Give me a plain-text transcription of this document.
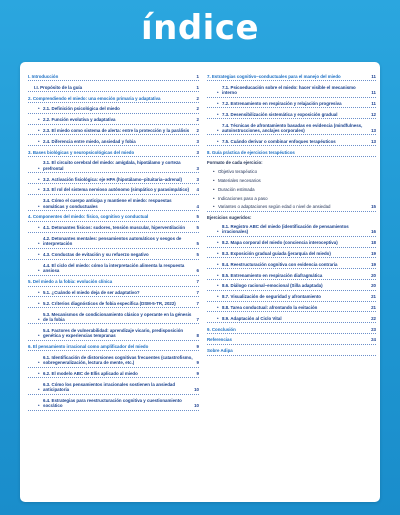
índice
I. Introducción	1
I.I. Propósito de la guía	1
2. Comprendiendo el miedo: una emoción primaria y adaptativa	2
• 2.1. Definición psicológica del miedo	2
• 2.2. Función evolutiva y adaptativa	2
• 2.3. El miedo como sistema de alerta: entre la protección y la parálisis	2
• 2.4. Diferencia entre miedo, ansiedad y fobia	3
3. Bases biológicas y neuropsicológicas del miedo	3
•
3.1. El circuito cerebral del miedo: amígdala, hipotálamo y corteza prefrontal	3
• 3.2. Activación fisiológica: eje HPA (hipotálamo–pituitaria–adrenal)	3
• 3.3. El rol del sistema nervioso autónomo (simpático y parasimpático)	4
•
3.4. Cómo el cuerpo anticipa y mantiene el miedo: respuestas somáticas y conductuales	4
4. Componentes del miedo: físico, cognitivo y conductual	5
• 4.1. Detonantes físicos: sudores, tensión muscular, hiperventilación	5
•
4.2. Detonantes mentales: pensamientos automáticos y sesgos de interpretación	5
• 4.3. Conductas de evitación y su refuerzo negativo	5
•
4.4. El ciclo del miedo: cómo la interpretación alimenta la respuesta ansiosa	6
5. Del miedo a la fobia: evolución clínica	7
• 5.1. ¿Cuándo el miedo deja de ser adaptativo?	7
• 5.2. Criterios diagnósticos de fobia específica (DSM-5-TR, 2022)	7
•
5.3. Mecanismos de condicionamiento clásico y operante en la génesis de la fobia	7
•
5.4. Factores de vulnerabilidad: aprendizaje vicario, predisposición genética y experiencias tempranas	8
6. El pensamiento irracional como amplificador del miedo	9
•
6.1. Identificación de distorsiones cognitivas frecuentes (catastrofismo, sobregeneralización, lectura de mente, etc.)	9
• 6.2. El modelo ABC de Ellis aplicado al miedo	9
•
6.3. Cómo los pensamientos irracionales sostienen la ansiedad anticipatoria	10
•
6.4. Estrategias para reestructuración cognitiva y cuestionamiento socrático	10
7. Estrategias cognitivo–conductuales para el manejo del miedo	11
•
7.1. Psicoeducación sobre el miedo: hacer visible el mecanismo interno	11
• 7.2. Entrenamiento en respiración y relajación progresiva	11
• 7.3. Desensibilización sistemática y exposición gradual	12
•
7.4. Técnicas de afrontamiento basadas en evidencia (mindfulness, autoinstrucciones, anclajes corporales)	13
• 7.5. Cuándo derivar o combinar enfoques terapéuticos	13
8. Guía práctica de ejercicios terapéuticos
Formato de cada ejercicio:
• Objetivo terapéutico
• Materiales necesarios
• Duración estimada
• Indicaciones paso a paso
• Variantes o adaptaciones según edad o nivel de ansiedad	15
Ejercicios sugeridos:
•
8.1. Registro ABC del miedo (identificación de pensamientos irracionales)	16
• 8.2. Mapa corporal del miedo (conciencia interoceptiva)	18
• 8.3. Exposición gradual guiada (jerarquía del miedo)	19
• 8.4. Reestructuración cognitiva con evidencia contraria	19
• 8.5. Entrenamiento en respiración diafragmática	20
• 8.6. Diálogo racional–emocional (Silla adaptada)	20
• 8.7. Visualización de seguridad y afrontamiento	21
• 8.8. Tarea conductual: afrontando la evitación	21
• 8.9. Adaptación al Ciclo Vital	22
9. Conclusión	23
Referencias	24
Sobre Adipa
